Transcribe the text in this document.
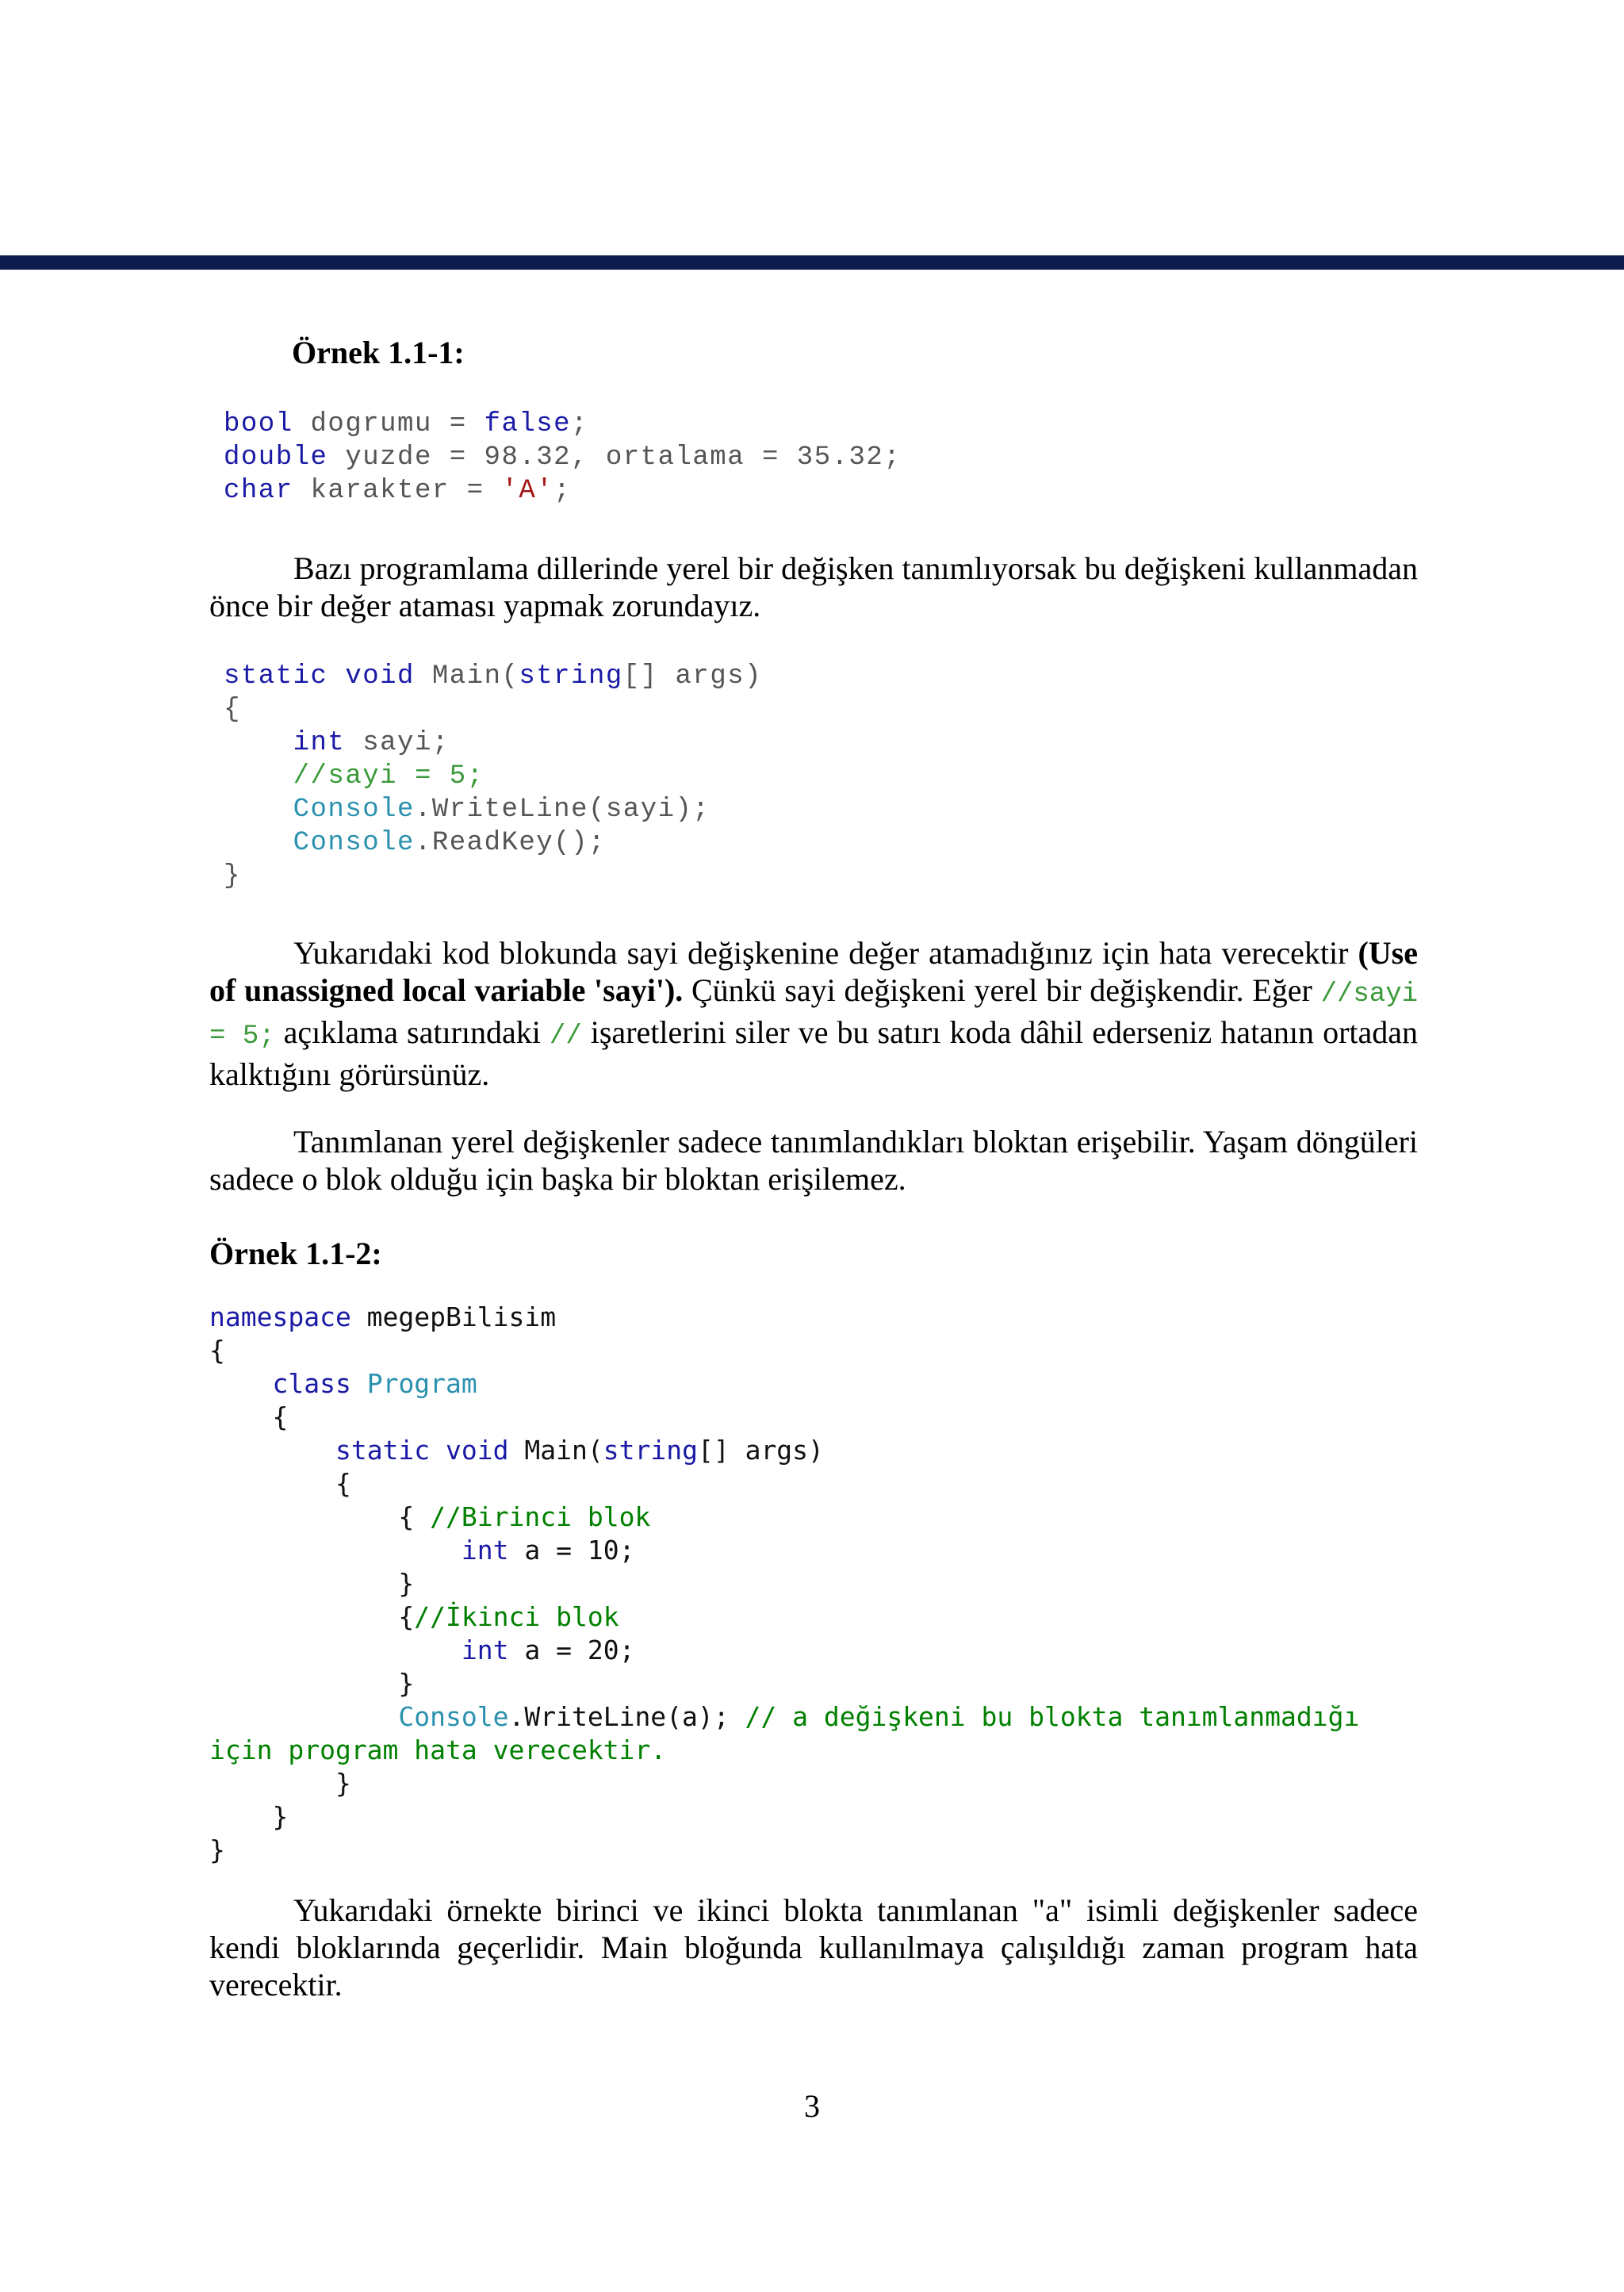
Örnek 1.1-1:
bool dogrumu = false;
double yuzde = 98.32, ortalama = 35.32;
char karakter = 'A';
Bazı programlama dillerinde yerel bir değişken tanımlıyorsak bu değişkeni kullanmadan önce bir değer ataması yapmak zorundayız.
static void Main(string[] args)
{
int sayi;
//sayi = 5;
Console.WriteLine(sayi);
Console.ReadKey();
}
Yukarıdaki kod blokunda sayi değişkenine değer atamadığınız için hata verecektir (Use of unassigned local variable 'sayi'). Çünkü sayi değişkeni yerel bir değişkendir. Eğer //sayi = 5; açıklama satırındaki // işaretlerini siler ve bu satırı koda dâhil ederseniz hatanın ortadan kalktığını görürsünüz.
Tanımlanan yerel değişkenler sadece tanımlandıkları bloktan erişebilir. Yaşam döngüleri sadece o blok olduğu için başka bir bloktan erişilemez.
Örnek 1.1-2:
namespace megepBilisim
{
class Program
{
static void Main(string[] args)
{
{ //Birinci blok
int a = 10;
}
{//İkinci blok
int a = 20;
}
Console.WriteLine(a); // a değişkeni bu blokta tanımlanmadığı
için program hata verecektir.
}
}
}
Yukarıdaki örnekte birinci ve ikinci blokta tanımlanan "a" isimli değişkenler sadece kendi bloklarında geçerlidir. Main bloğunda kullanılmaya çalışıldığı zaman program hata verecektir.
3
